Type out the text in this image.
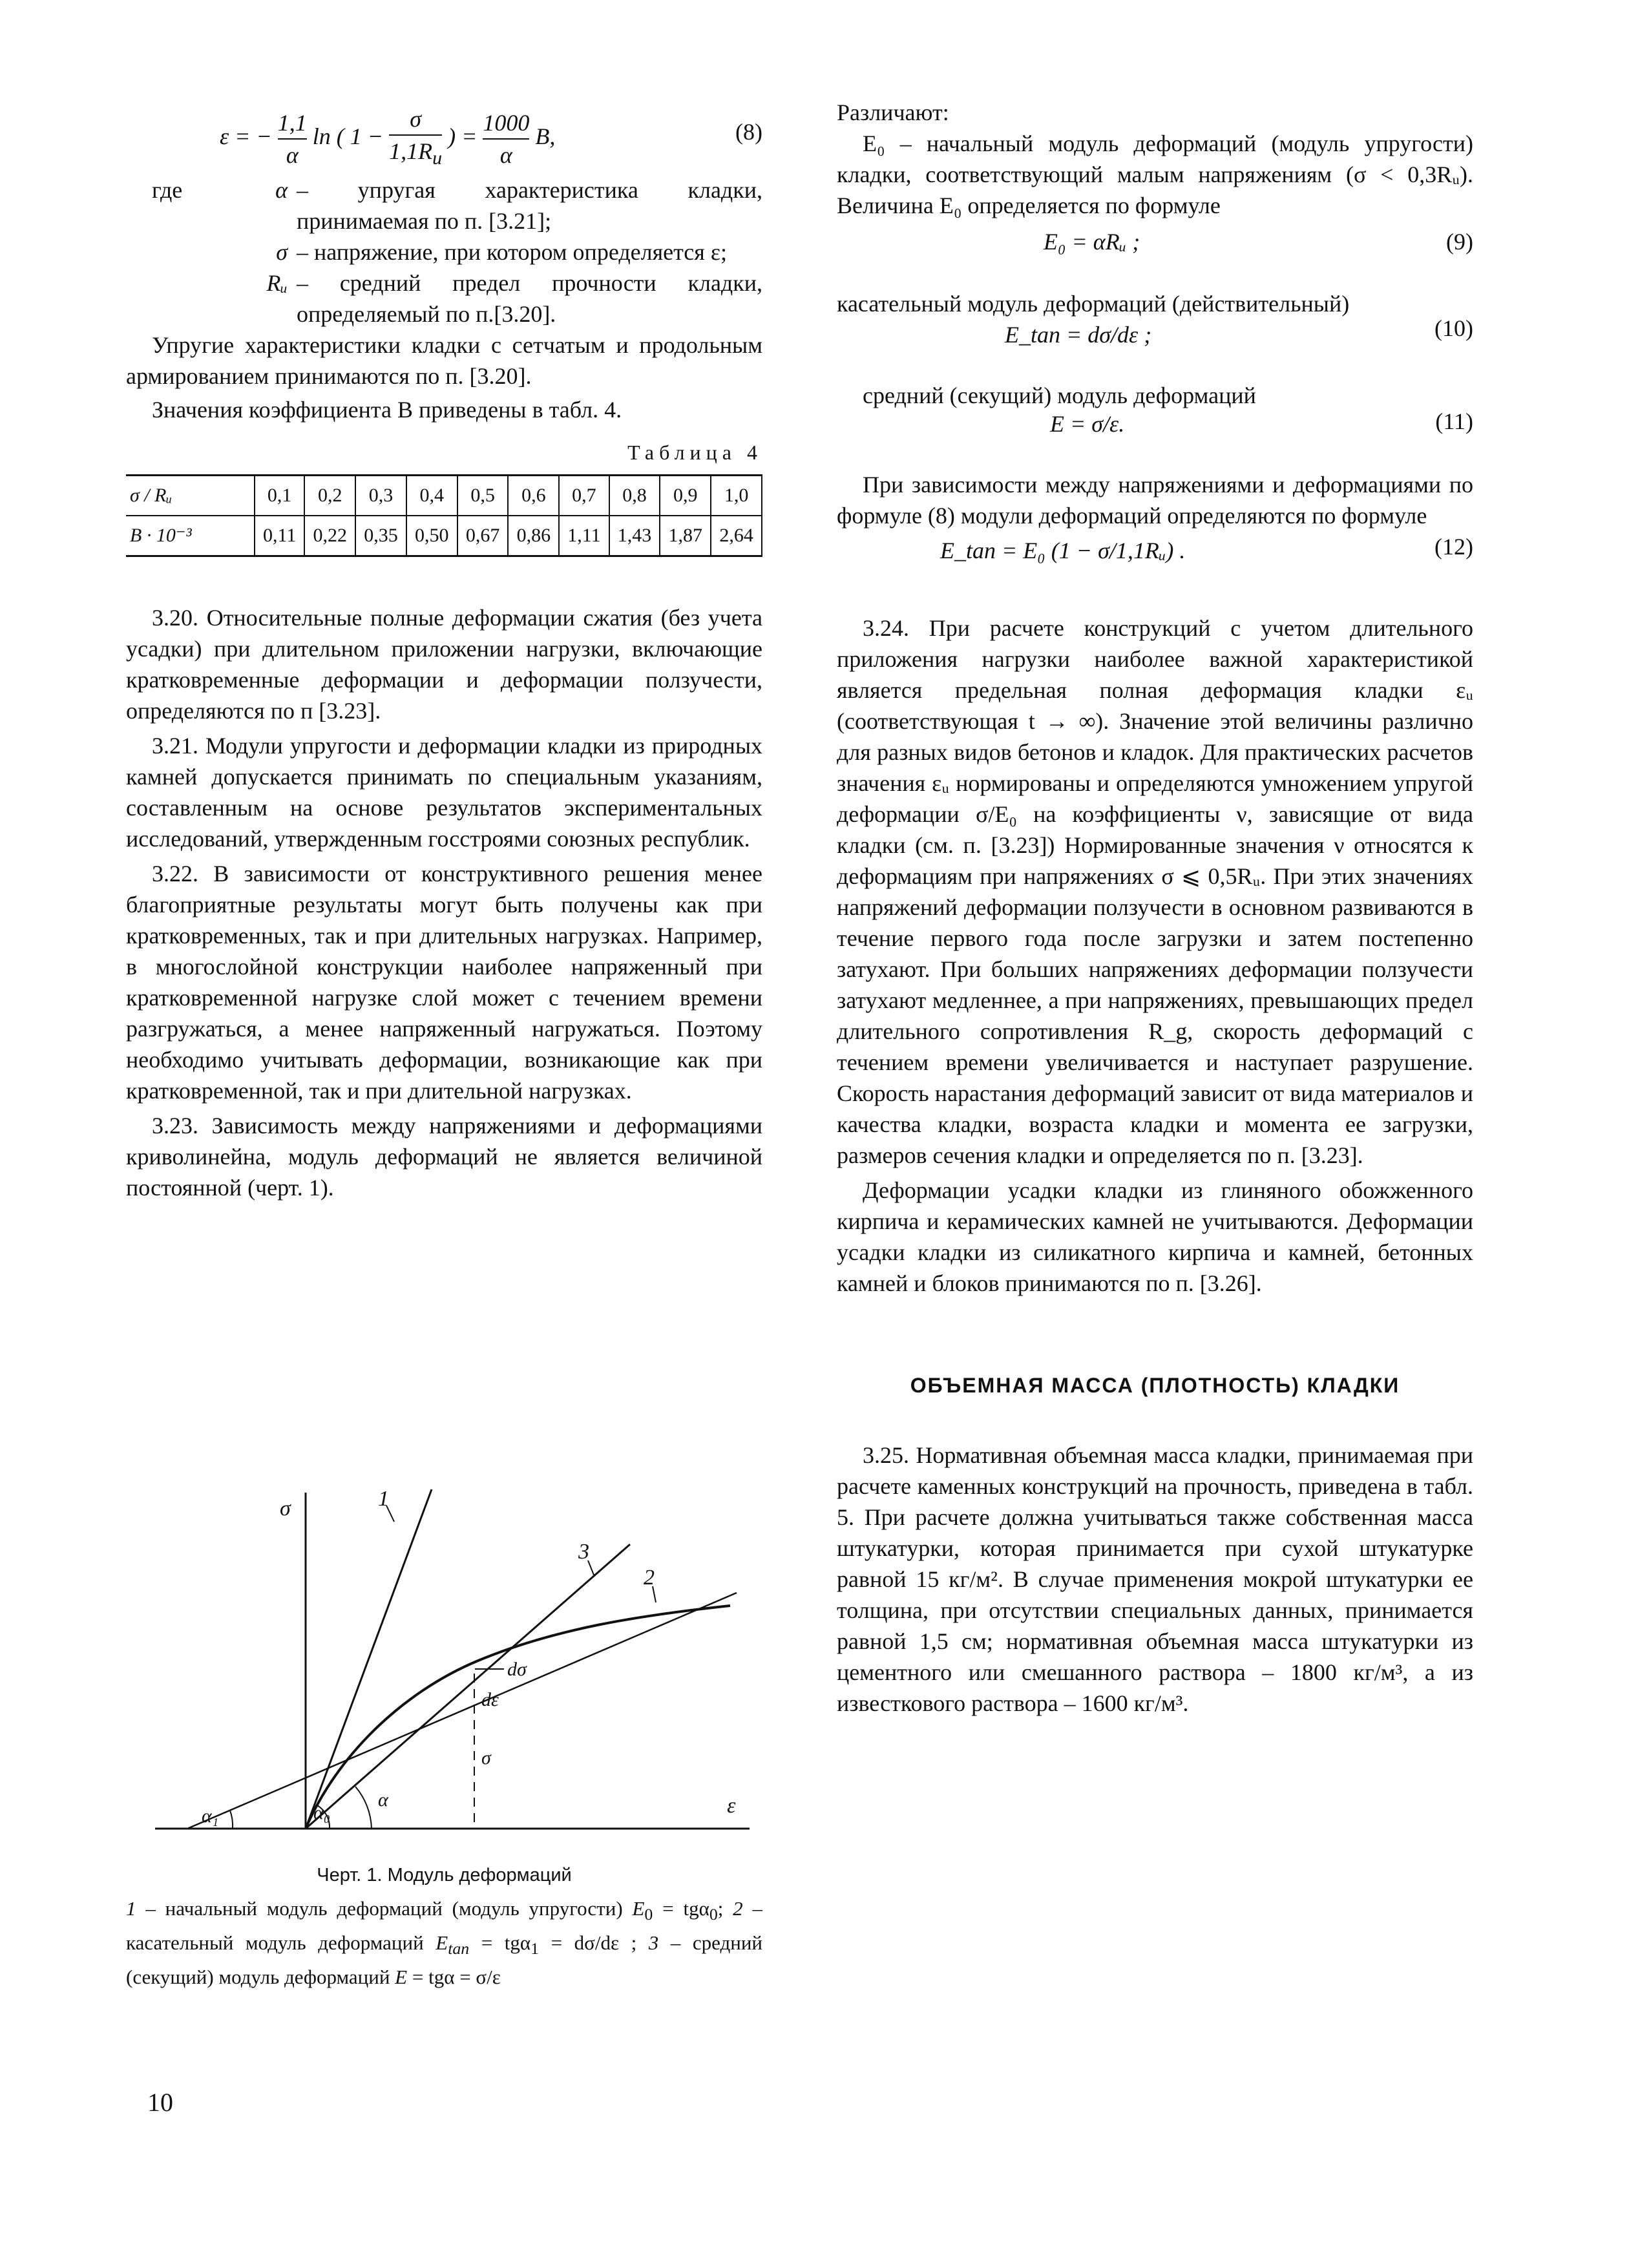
ε = − $\frac{1,1}{\alpha}$ ln ( $1 - \frac{\sigma}{1,1R_u}$ ) = $\frac{1000}{\alpha} B$,	(8)
где	α – упругая характеристика кладки, принимаемая по п. [3.21];
σ – напряжение, при котором определяется ε;
Rᵤ – средний предел прочности кладки, определяемый по п.[3.20].

Упругие характеристики кладки с сетчатым и продольным армированием принимаются по п. [3.20].

Значения коэффициента B приведены в табл. 4.

Таблица 4
σ / Rᵤ	0,1	0,2	0,3	0,4	0,5	0,6	0,7	0,8	0,9	1,0
B · 10⁻³	0,11	0,22	0,35	0,50	0,67	0,86	1,11	1,43	1,87	2,64

3.20. Относительные полные деформации сжатия (без учета усадки) при длительном приложении нагрузки, включающие кратковременные деформации и деформации ползучести, определяются по п [3.23].

3.21. Модули упругости и деформации кладки из природных камней допускается принимать по специальным указаниям, составленным на основе результатов экспериментальных исследований, утвержденным госстроями союзных республик.

3.22. В зависимости от конструктивного решения менее благоприятные результаты могут быть получены как при кратковременных, так и при длительных нагрузках. Например, в многослойной конструкции наиболее напряженный при кратковременной нагрузке слой может с течением времени разгружаться, а менее напряженный нагружаться. Поэтому необходимо учитывать деформации, возникающие как при кратковременной, так и при длительной нагрузках.

3.23. Зависимость между напряжениями и деформациями криволинейна, модуль деформаций не является величиной постоянной (черт. 1).

σ
ε
1
3
2
dσ
dε
σ
α₁	α₀
α
Черт. 1. Модуль деформаций

1 – начальный модуль деформаций (модуль упругости) $E_0 = tg\alpha_0$; 2 – касательный модуль деформаций $E_{tan} = tg\alpha_1 = d\sigma/d\varepsilon$ ; 3 – средний (секущий) модуль деформаций E = tgα = σ/ε

10

Различают:

E₀ – начальный модуль деформаций (модуль упругости) кладки, соответствующий малым напряжениям (σ < 0,3Rᵤ). Величина E₀ определяется по формуле

E₀ = αRᵤ ;	(9)

касательный модуль деформаций (действительный)

E_tan = dσ/dε ;	(10)

средний (секущий) модуль деформаций

E = σ/ε.	(11)

При зависимости между напряжениями и деформациями по формуле (8) модули деформаций определяются по формуле

E_tan = E₀ (1 − σ/1,1Rᵤ) .	(12)

3.24. При расчете конструкций с учетом длительного приложения нагрузки наиболее важной характеристикой является предельная полная деформация кладки εᵤ (соответствующая t → ∞). Значение этой величины различно для разных видов бетонов и кладок. Для практических расчетов значения εᵤ нормированы и определяются умножением упругой деформации σ/E₀ на коэффициенты ν, зависящие от вида кладки (см. п. [3.23]) Нормированные значения ν относятся к деформациям при напряжениях σ ⩽ 0,5Rᵤ. При этих значениях напряжений деформации ползучести в основном развиваются в течение первого года после загрузки и затем постепенно затухают. При больших напряжениях деформации ползучести затухают медленнее, а при напряжениях, превышающих предел длительного сопротивления R_g, скорость деформаций с течением времени увеличивается и наступает разрушение. Скорость нарастания деформаций зависит от вида материалов и качества кладки, возраста кладки и момента ее загрузки, размеров сечения кладки и определяется по п. [3.23].

Деформации усадки кладки из глиняного обожженного кирпича и керамических камней не учитываются. Деформации усадки кладки из силикатного кирпича и камней, бетонных камней и блоков принимаются по п. [3.26].

ОБЪЕМНАЯ МАССА (ПЛОТНОСТЬ) КЛАДКИ

3.25. Нормативная объемная масса кладки, принимаемая при расчете каменных конструкций на прочность, приведена в табл. 5. При расчете должна учитываться также собственная масса штукатурки, которая принимается при сухой штукатурке равной 15 кг/м². В случае применения мокрой штукатурки ее толщина, при отсутствии специальных данных, принимается равной 1,5 см; нормативная объемная масса штукатурки из цементного или смешанного раствора – 1800 кг/м³, а из известкового раствора – 1600 кг/м³.
